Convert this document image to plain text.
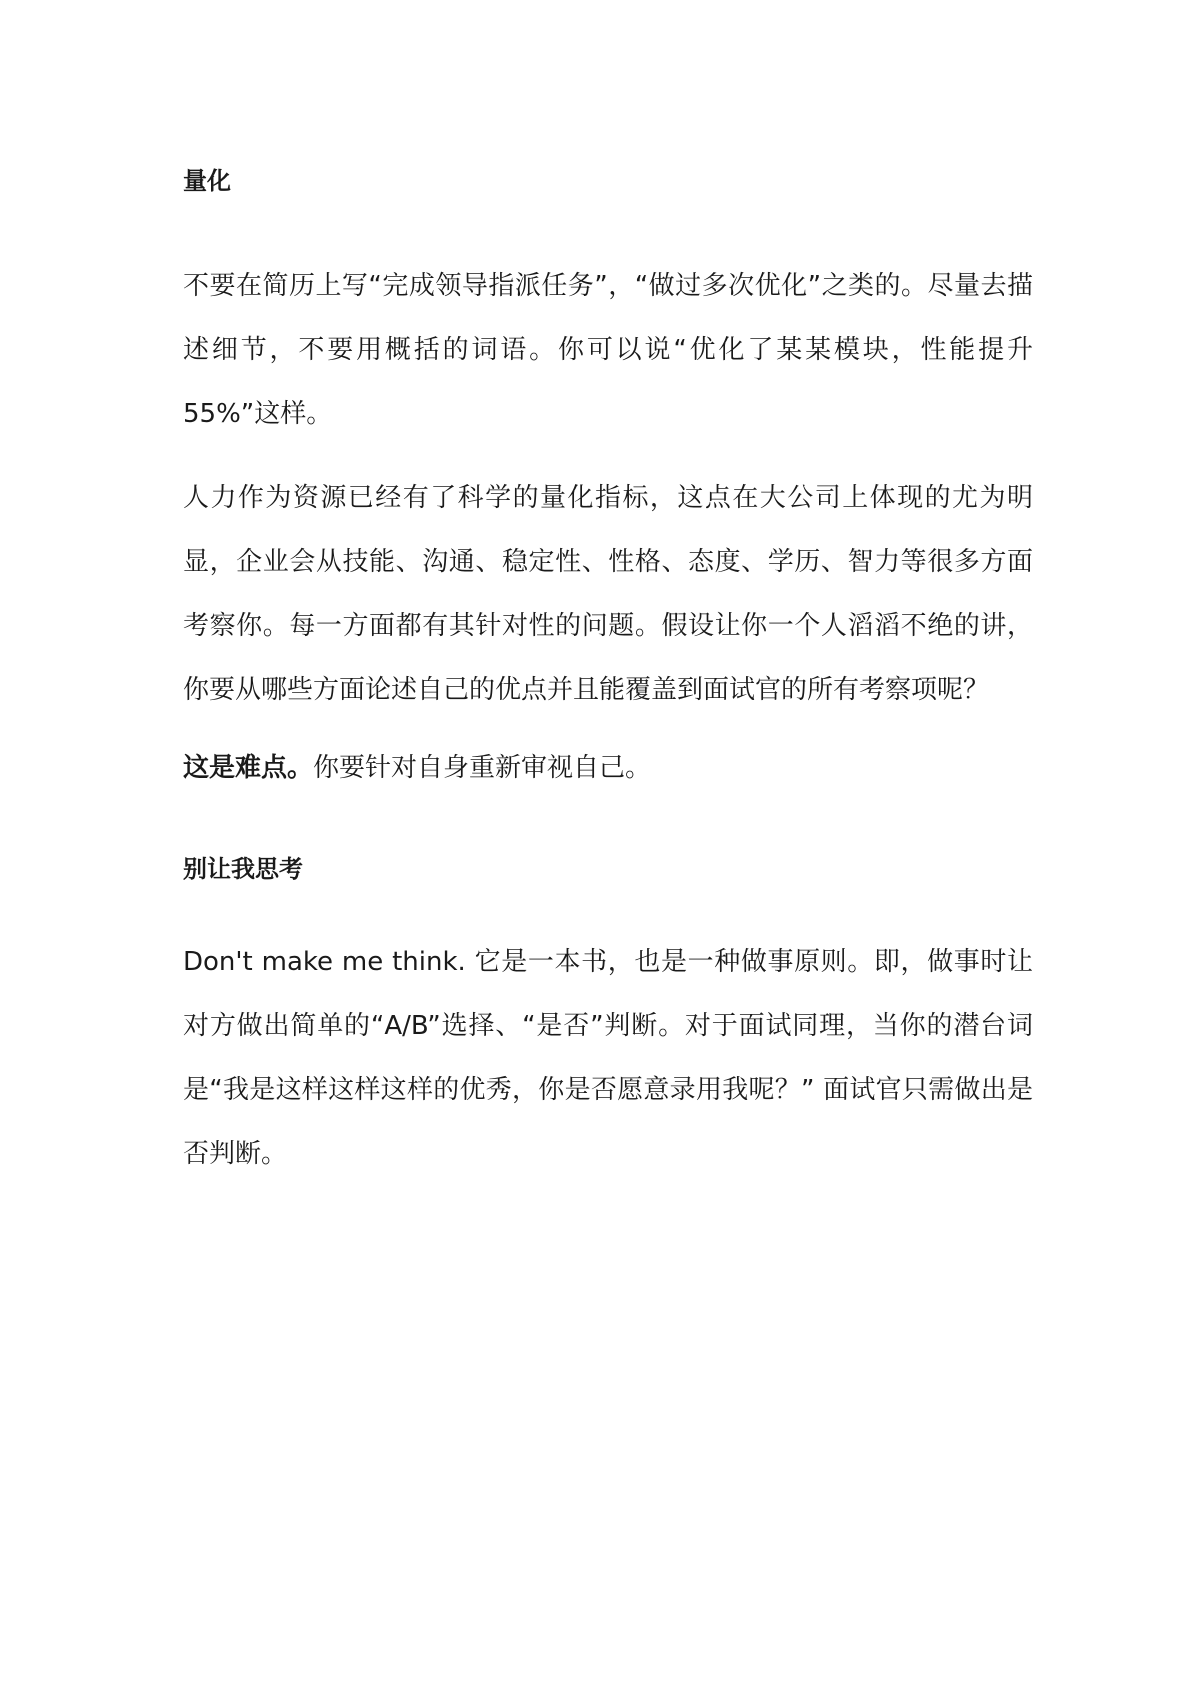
量化

不要在简历上写“完成领导指派任务”，“做过多次优化”之类的。尽量去描述细节，不要用概括的词语。你可以说“优化了某某模块，性能提升 55%”这样。

人力作为资源已经有了科学的量化指标，这点在大公司上体现的尤为明显，企业会从技能、沟通、稳定性、性格、态度、学历、智力等很多方面考察你。每一方面都有其针对性的问题。假设让你一个人滔滔不绝的讲，你要从哪些方面论述自己的优点并且能覆盖到面试官的所有考察项呢？

这是难点。你要针对自身重新审视自己。

别让我思考

Don't make me think. 它是一本书，也是一种做事原则。即，做事时让对方做出简单的“A/B”选择、“是否”判断。对于面试同理，当你的潜台词是“我是这样这样这样的优秀，你是否愿意录用我呢？” 面试官只需做出是否判断。
